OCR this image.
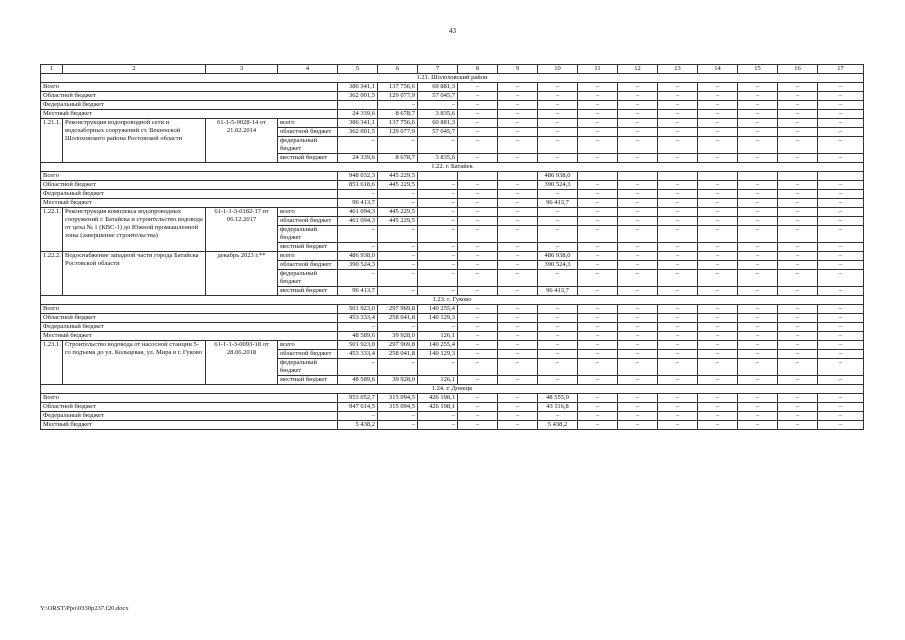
43
1	2	3	4	5	6	7	8	9	10	11	12	13	14	15	16	17
1.21. Шолоховский район																
Всего				386 341,1	137 756,6	60 881,3	–	–	–	–	–	–	–	–	–	–
Областной бюджет				362 001,5	129 077,9	57 045,7	–	–	–	–	–	–	–	–	–	–
Федеральный бюджет					–	–	–	–	–	–	–	–	–	–	–	–
Местный бюджет				24 339,6	8 678,7	3 835,6	–	–	–	–	–	–	–	–	–	–
1.21.1.	Реконструкция водопроводной сети и водозаборных сооружений ст. Вешенской Шолоховского района Ростовской области	61-1-5-0028-14 от 21.02.2014	всего	386 341,1	137 756,6	60 881,3	–	–	–	–	–	–	–	–	–	–
			областной бюджет	362 001,5	129 077,9	57 045,7	–	–	–	–	–	–	–	–	–	–
			федеральный бюджет	–	–	–	–	–	–	–	–	–	–	–	–	–
			местный бюджет	24 339,6	8 678,7	3 835,6	–	–	–	–	–	–	–	–	–	–
1.22. г. Батайск																
Всего				948 032,3	445 229,5				486 938,0							
Областной бюджет				851 618,6	445 229,5	–	–	–	390 524,3	–	–	–	–	–	–	–
Федеральный бюджет				–	–	–	–	–	–	–	–	–	–	–	–	–
Местный бюджет				96 413,7	–	–	–	–	96 413,7	–	–	–	–	–	–	–
1.22.1.	Реконструкция комплекса водопроводных сооружений г. Батайска и строительство водовода от цеха № 1 (КВС-1) до Южной промышленной зоны (завершение строительства)	61-1-1-3-0182-17 от 06.12.2017	всего	461 094,3	445 229,5	–	–	–	–	–	–	–	–	–	–	–
			областной бюджет	461 094,3	445 229,5	–	–	–	–	–	–	–	–	–	–	–
			федеральный бюджет	–	–	–	–	–	–	–	–	–	–	–	–	–
			местный бюджет	–	–	–	–	–	–	–	–	–	–	–	–	–
1.22.2.	Водоснабжение западной части города Батайска Ростовской области	декабрь 2023 г.**	всего	486 938,0	–	–	–	–	486 938,0	–	–	–	–	–	–	–
			областной бюджет	390 524,3	–	–	–	–	390 524,3	–	–	–	–	–	–	–
			федеральный бюджет	–	–	–	–	–	–	–	–	–	–	–	–	–
			местный бюджет	96 413,7	–	–	–	–	96 413,7	–	–	–	–	–	–	–
1.23. г. Гуково																
Всего				501 923,0	297 969,8	140 255,4	–	–	–	–	–	–	–	–	–	–
Областной бюджет				453 333,4	258 041,8	140 129,3	–	–	–	–	–	–	–	–	–	–
Федеральный бюджет				–	–	–	–	–	–	–	–	–	–	–	–	–
Местный бюджет				48 589,6	39 928,0	126,1	–	–	–	–	–	–	–	–	–	–
1.23.1.	Строительство водовода от насосной станции 5-го подъема до ул. Кольцевая, ул. Мира в г. Гуково	61-1-1-3-0093-18 от 28.06.2018	всего	501 923,0	297 969,8	140 255,4	–	–	–	–	–	–	–	–	–	–
			областной бюджет	453 333,4	258 041,8	140 129,3	–	–	–	–	–	–	–	–	–	–
			федеральный бюджет	–	–	–	–	–	–	–	–	–	–	–	–	–
			местный бюджет	48 589,6	39 928,0	126,1	–	–	–	–	–	–	–	–	–	–
1.24. г. Донецк																
Всего				953 052,7	315 094,5	426 198,1	–	–	48 555,0	–	–	–	–	–	–	–
Областной бюджет				947 614,5	315 094,5	426 198,1	–	–	43 116,8	–	–	–	–	–	–	–
Федеральный бюджет				–	–	–	–	–	–	–	–	–	–	–	–	–
Местный бюджет				5 438,2	–	–	–	–	5 438,2	–	–	–	–	–	–	–
Y:\ORST\Ppo\0330p237.f20.docx
